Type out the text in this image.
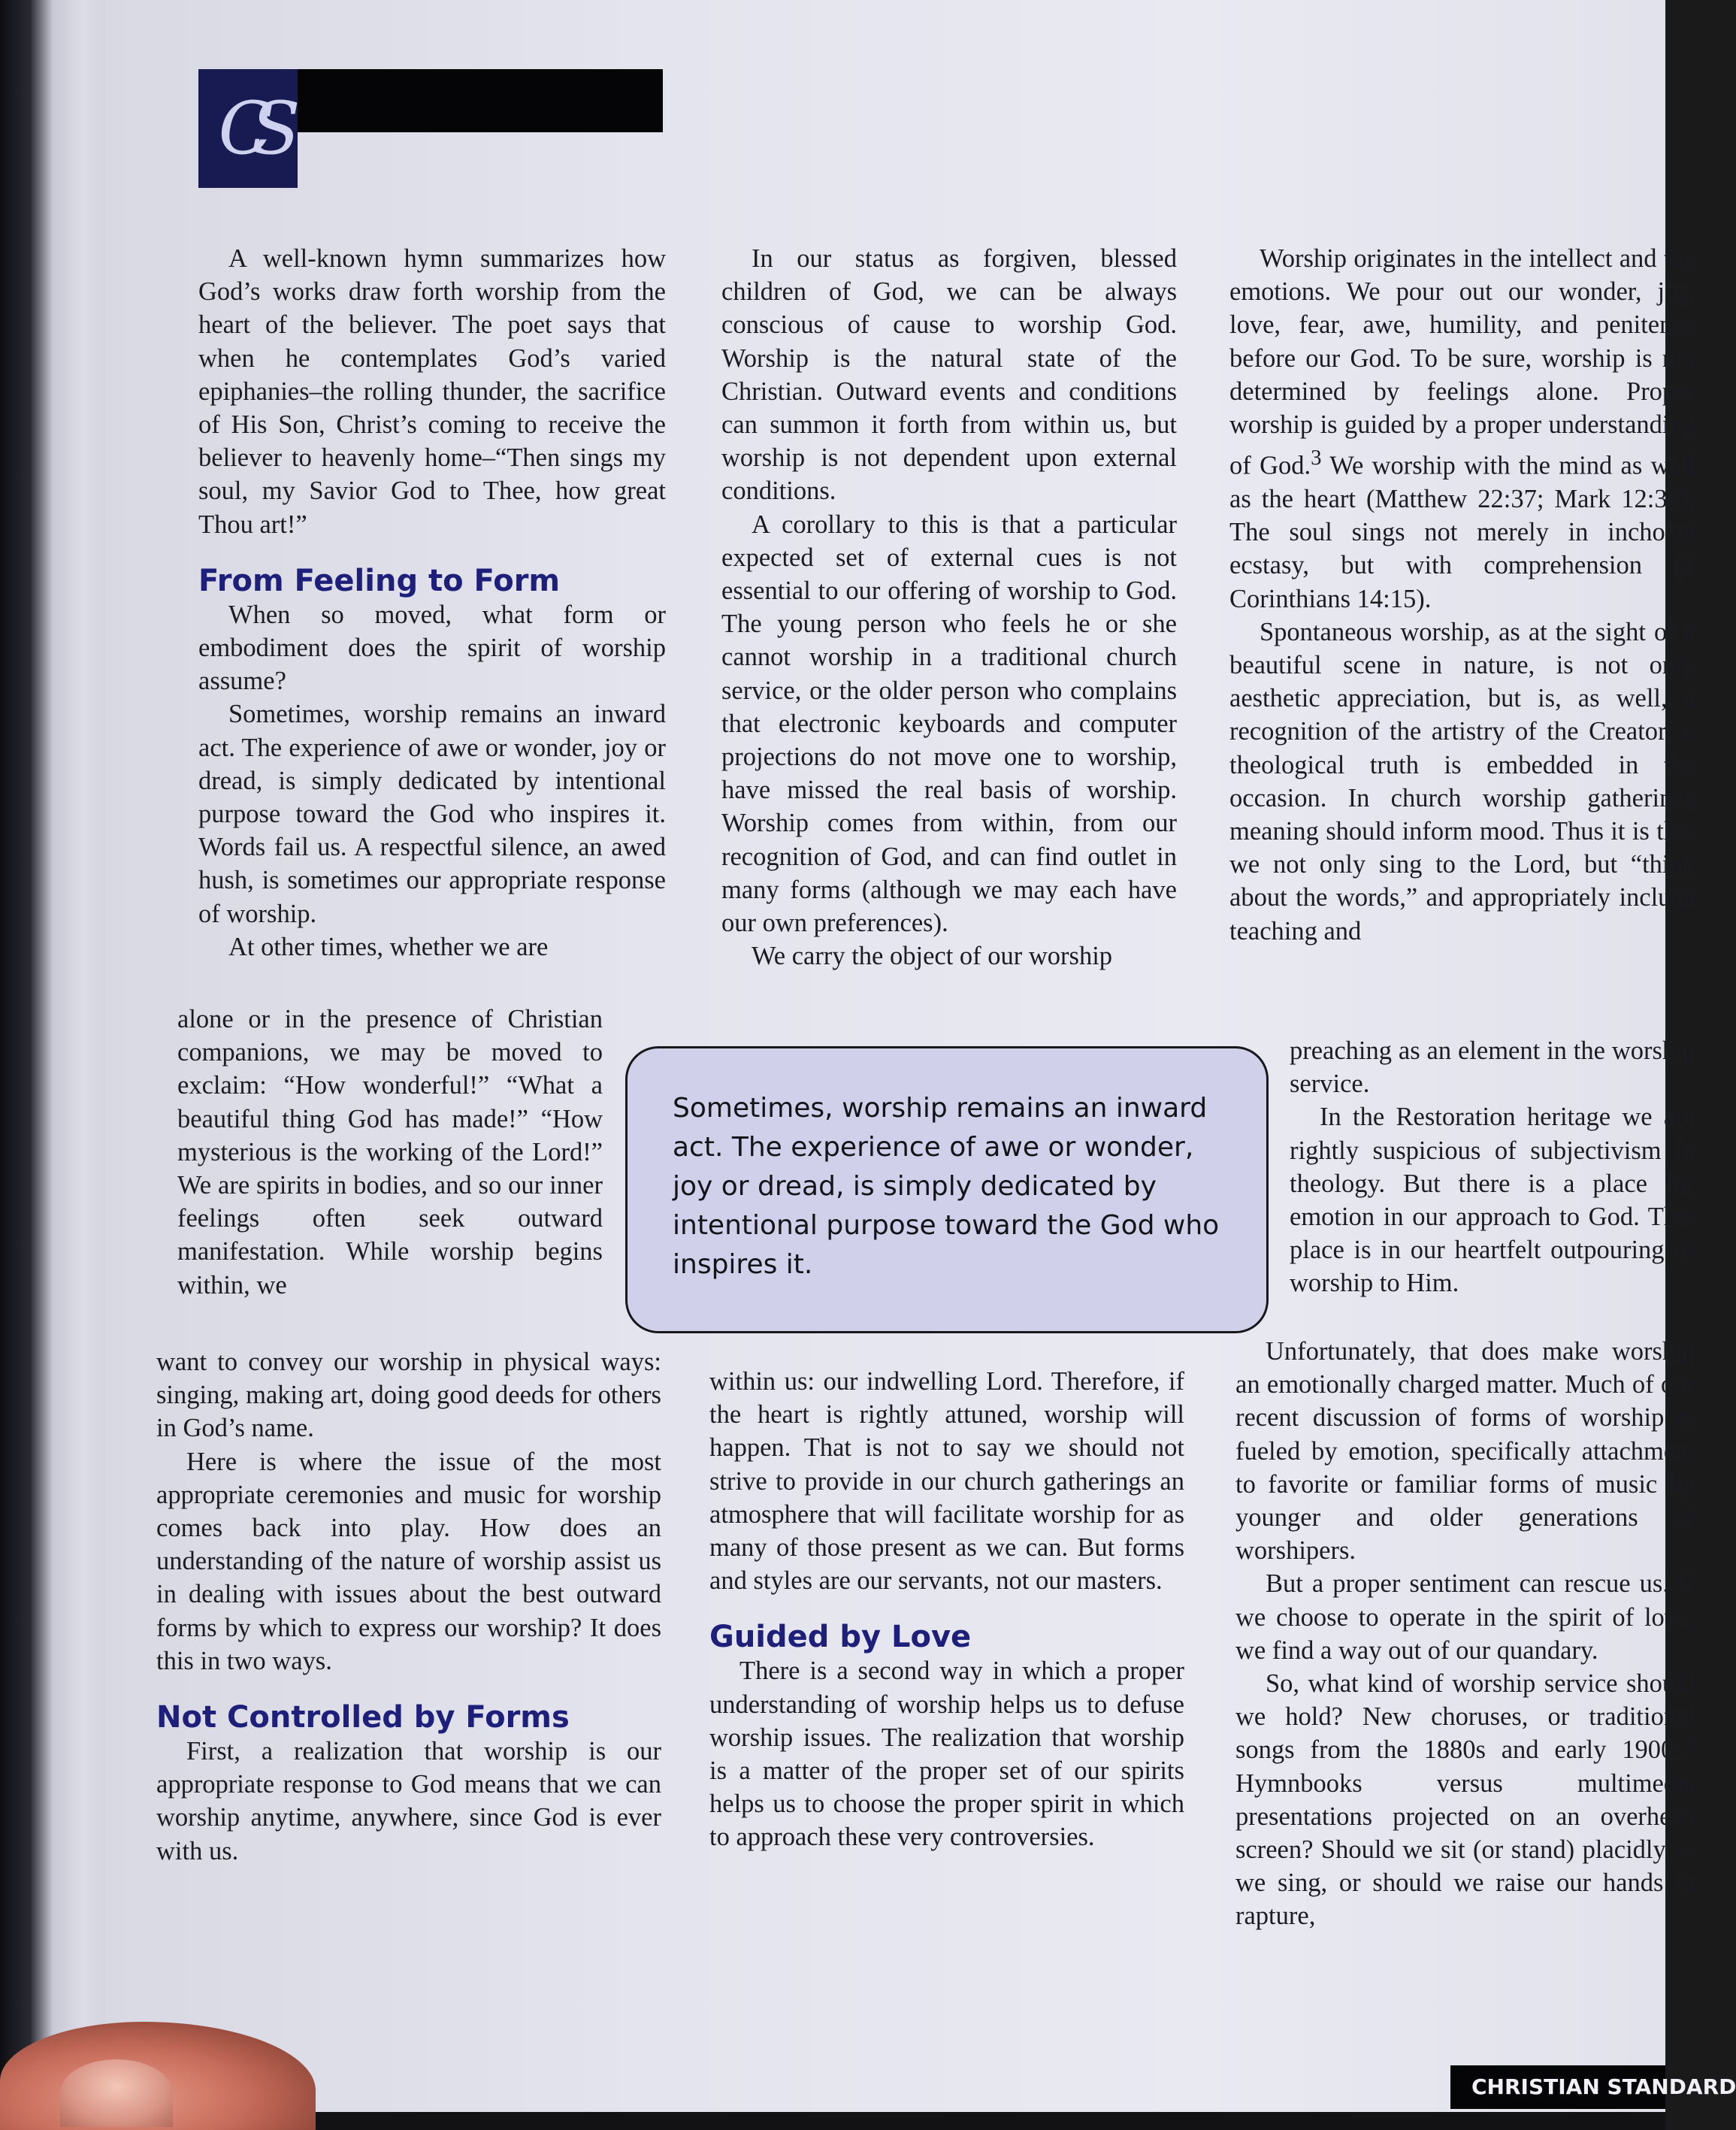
CS

A well-known hymn summarizes how God’s works draw forth worship from the heart of the believer. The poet says that when he contemplates God’s varied epiphanies–the rolling thunder, the sacrifice of His Son, Christ’s coming to receive the believer to heavenly home–“Then sings my soul, my Savior God to Thee, how great Thou art!”

From Feeling to Form

When so moved, what form or embodiment does the spirit of worship assume?

Sometimes, worship remains an inward act. The experience of awe or wonder, joy or dread, is simply dedicated by intentional purpose toward the God who inspires it. Words fail us. A respectful silence, an awed hush, is sometimes our appropriate response of worship.

At other times, whether we are

alone or in the presence of Christian companions, we may be moved to exclaim: “How wonderful!” “What a beautiful thing God has made!” “How mysterious is the working of the Lord!” We are spirits in bodies, and so our inner feelings often seek outward manifestation. While worship begins within, we

want to convey our worship in physical ways: singing, making art, doing good deeds for others in God’s name.

Here is where the issue of the most appropriate ceremonies and music for worship comes back into play. How does an understanding of the nature of worship assist us in dealing with issues about the best outward forms by which to express our worship? It does this in two ways.

Not Controlled by Forms

First, a realization that worship is our appropriate response to God means that we can worship anytime, anywhere, since God is ever with us.

In our status as forgiven, blessed children of God, we can be always conscious of cause to worship God. Worship is the natural state of the Christian. Outward events and conditions can summon it forth from within us, but worship is not dependent upon external conditions.

A corollary to this is that a particular expected set of external cues is not essential to our offering of worship to God. The young person who feels he or she cannot worship in a traditional church service, or the older person who complains that electronic keyboards and computer projections do not move one to worship, have missed the real basis of worship. Worship comes from within, from our recognition of God, and can find outlet in many forms (although we may each have our own preferences).

We carry the object of our worship

within us: our indwelling Lord. Therefore, if the heart is rightly attuned, worship will happen. That is not to say we should not strive to provide in our church gatherings an atmosphere that will facilitate worship for as many of those present as we can. But forms and styles are our servants, not our masters.

Guided by Love

There is a second way in which a proper understanding of worship helps us to defuse worship issues. The realization that worship is a matter of the proper set of our spirits helps us to choose the proper spirit in which to approach these very controversies.

Worship originates in the intellect and the emotions. We pour out our wonder, joy, love, fear, awe, humility, and penitence before our God. To be sure, worship is not determined by feelings alone. Proper worship is guided by a proper understanding of God.$^3$ We worship with the mind as well as the heart (Matthew 22:37; Mark 12:30). The soul sings not merely in inchoate ecstasy, but with comprehension (1 Corinthians 14:15).

Spontaneous worship, as at the sight of a beautiful scene in nature, is not only aesthetic appreciation, but is, as well, a recognition of the artistry of the Creator; a theological truth is embedded in the occasion. In church worship gatherings meaning should inform mood. Thus it is that we not only sing to the Lord, but “think about the words,” and appropriately include teaching and

preaching as an element in the worship service.

In the Restoration heritage we are rightly suspicious of subjectivism in theology. But there is a place for emotion in our approach to God. That place is in our heartfelt outpouring of worship to Him.

Unfortunately, that does make worship an emotionally charged matter. Much of our recent discussion of forms of worship is fueled by emotion, specifically attachment to favorite or familiar forms of music by younger and older generations of worshipers.

But a proper sentiment can rescue us. If we choose to operate in the spirit of love, we find a way out of our quandary.

So, what kind of worship service should we hold? New choruses, or traditional songs from the 1880s and early 1900s? Hymnbooks versus multimedia presentations projected on an overhead screen? Should we sit (or stand) placidly as we sing, or should we raise our hands in rapture,

Sometimes, worship remains an inward act. The experience of awe or wonder, joy or dread, is simply dedicated by intentional purpose toward the God who inspires it.
CHRISTIAN STANDARD
